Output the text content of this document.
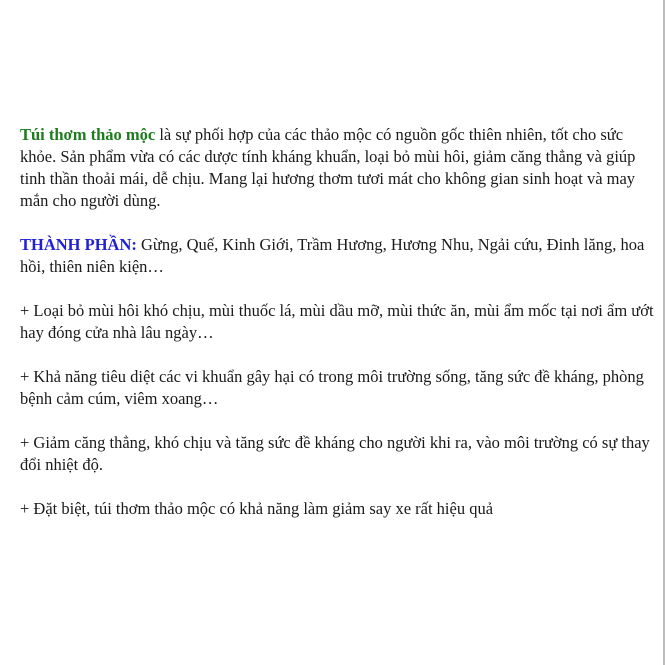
Túi thơm thảo mộc là sự phối hợp của các thảo mộc có nguồn gốc thiên nhiên, tốt cho sức khỏe. Sản phẩm vừa có các dược tính kháng khuẩn, loại bỏ mùi hôi, giảm căng thẳng và giúp tinh thần thoải mái, dễ chịu. Mang lại hương thơm tươi mát cho không gian sinh hoạt và may mắn cho người dùng.

THÀNH PHẦN: Gừng, Quế, Kinh Giới, Trầm Hương, Hương Nhu, Ngải cứu, Đinh lăng, hoa hồi, thiên niên kiện…

+ Loại bỏ mùi hôi khó chịu, mùi thuốc lá, mùi dầu mỡ, mùi thức ăn, mùi ẩm mốc tại nơi ẩm ướt hay đóng cửa nhà lâu ngày…

+ Khả năng tiêu diệt các vi khuẩn gây hại có trong môi trường sống, tăng sức đề kháng, phòng bệnh cảm cúm, viêm xoang…

+ Giảm căng thẳng, khó chịu và tăng sức đề kháng cho người khi ra, vào môi trường có sự thay đổi nhiệt độ.

+ Đặt biệt, túi thơm thảo mộc có khả năng làm giảm say xe rất hiệu quả
